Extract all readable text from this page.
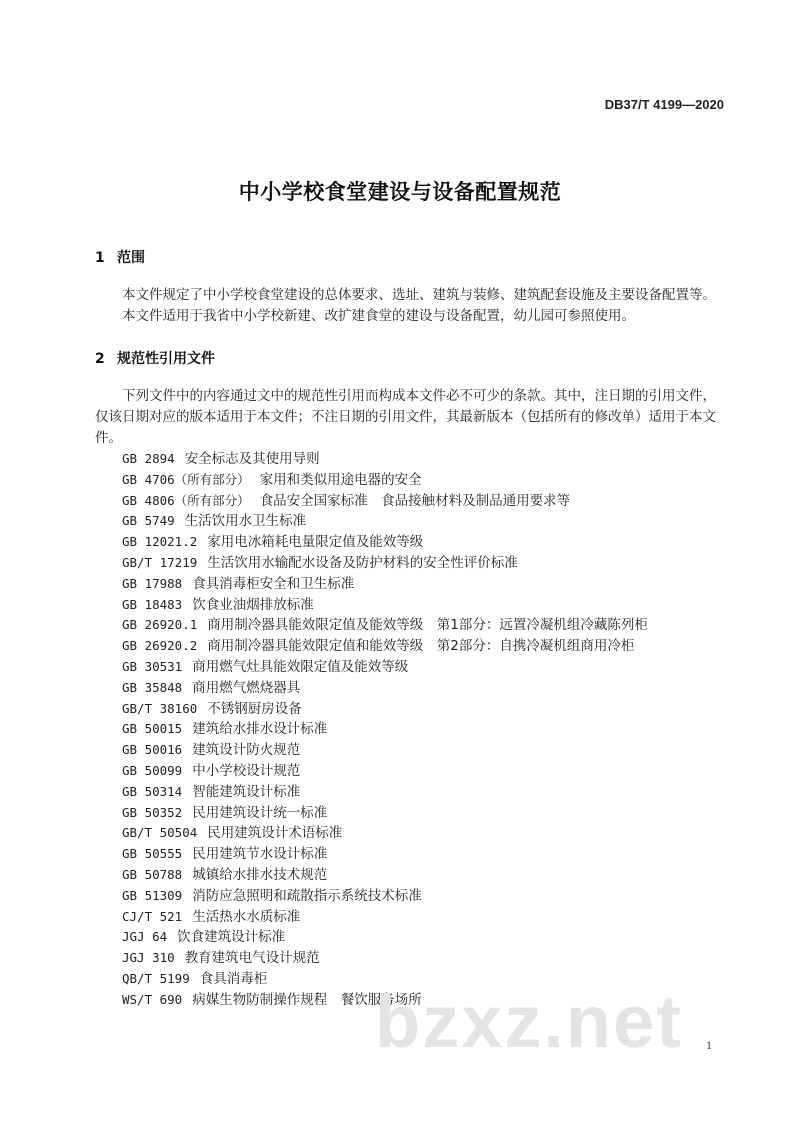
DB37/T 4199—2020
中小学校食堂建设与设备配置规范
1 范围

本文件规定了中小学校食堂建设的总体要求、选址、建筑与装修、建筑配套设施及主要设备配置等。

本文件适用于我省中小学校新建、改扩建食堂的建设与设备配置，幼儿园可参照使用。

2 规范性引用文件

下列文件中的内容通过文中的规范性引用而构成本文件必不可少的条款。其中，注日期的引用文件，仅该日期对应的版本适用于本文件；不注日期的引用文件，其最新版本（包括所有的修改单）适用于本文件。

GB 2894 安全标志及其使用导则
GB 4706（所有部分） 家用和类似用途电器的安全
GB 4806（所有部分） 食品安全国家标准　食品接触材料及制品通用要求等
GB 5749 生活饮用水卫生标准
GB 12021.2 家用电冰箱耗电量限定值及能效等级
GB/T 17219 生活饮用水输配水设备及防护材料的安全性评价标准
GB 17988 食具消毒柜安全和卫生标准
GB 18483 饮食业油烟排放标准
GB 26920.1 商用制冷器具能效限定值及能效等级　第1部分：远置冷凝机组冷藏陈列柜
GB 26920.2 商用制冷器具能效限定值和能效等级　第2部分：自携冷凝机组商用冷柜
GB 30531 商用燃气灶具能效限定值及能效等级
GB 35848 商用燃气燃烧器具
GB/T 38160 不锈钢厨房设备
GB 50015 建筑给水排水设计标准
GB 50016 建筑设计防火规范
GB 50099 中小学校设计规范
GB 50314 智能建筑设计标准
GB 50352 民用建筑设计统一标准
GB/T 50504 民用建筑设计术语标准
GB 50555 民用建筑节水设计标准
GB 50788 城镇给水排水技术规范
GB 51309 消防应急照明和疏散指示系统技术标准
CJ/T 521 生活热水水质标准
JGJ 64 饮食建筑设计标准
JGJ 310 教育建筑电气设计规范
QB/T 5199 食具消毒柜
WS/T 690 病媒生物防制操作规程　餐饮服务场所
bzxz.net 1
